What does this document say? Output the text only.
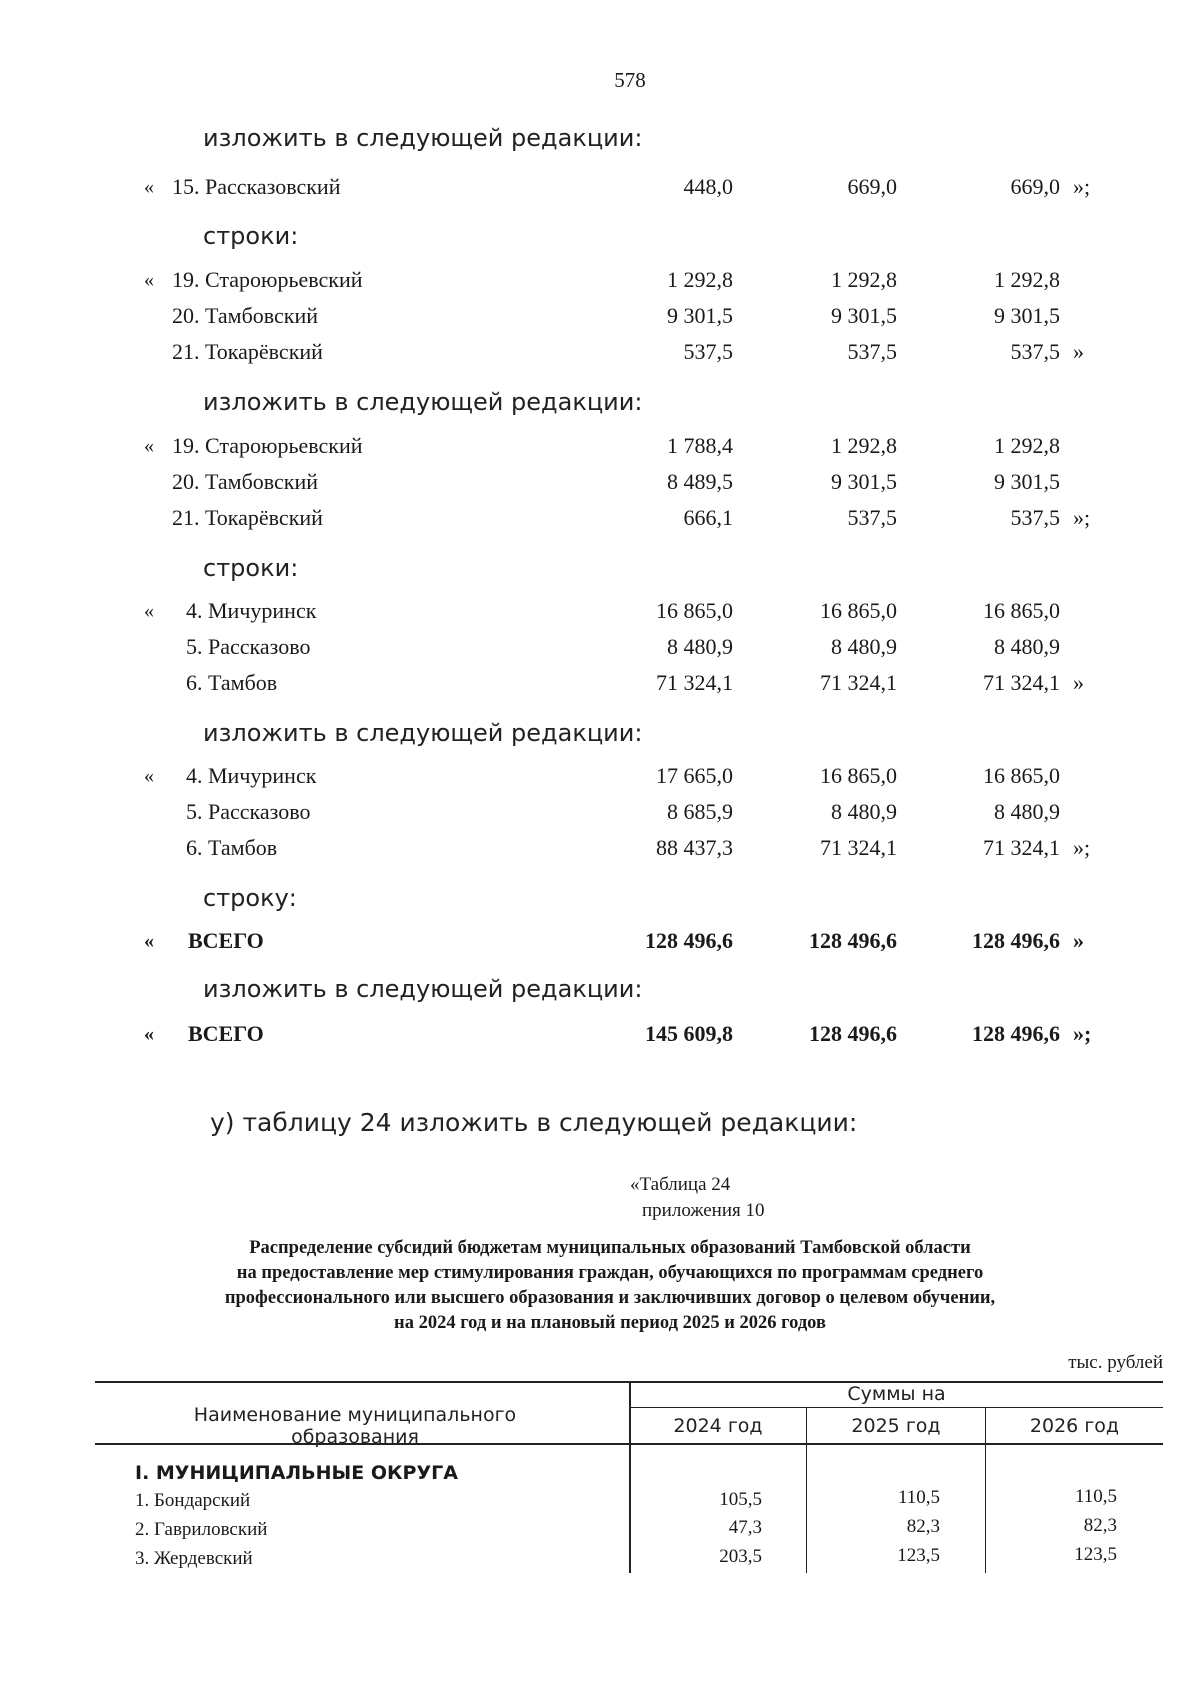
578
изложить в следующей редакции:
« 15. Рассказовский	448,0	669,0	669,0 »;
строки:
« 19. Староюрьевский	1 292,8	1 292,8	1 292,8
20. Тамбовский	9 301,5	9 301,5	9 301,5
21. Токарёвский	537,5	537,5	537,5 »
изложить в следующей редакции:
« 19. Староюрьевский	1 788,4	1 292,8	1 292,8
20. Тамбовский	8 489,5	9 301,5	9 301,5
21. Токарёвский	666,1	537,5	537,5 »;
строки:
« 4. Мичуринск	16 865,0	16 865,0	16 865,0
5. Рассказово	8 480,9	8 480,9	8 480,9
6. Тамбов	71 324,1	71 324,1	71 324,1 »
изложить в следующей редакции:
« 4. Мичуринск	17 665,0	16 865,0	16 865,0
5. Рассказово	8 685,9	8 480,9	8 480,9
6. Тамбов	88 437,3	71 324,1	71 324,1 »;
строку:
« ВСЕГО	128 496,6	128 496,6	128 496,6 »
изложить в следующей редакции:
« ВСЕГО	145 609,8	128 496,6	128 496,6 »;
у) таблицу 24 изложить в следующей редакции:
«Таблица 24
приложения 10
Распределение субсидий бюджетам муниципальных образований Тамбовской области
на предоставление мер стимулирования граждан, обучающихся по программам среднего
профессионального или высшего образования и заключивших договор о целевом обучении,
на 2024 год и на плановый период 2025 и 2026 годов
тыс. рублей
Наименование муниципального образования
Суммы на
2024 год	2025 год	2026 год
I. МУНИЦИПАЛЬНЫЕ ОКРУГА
1. Бондарский	105,5	110,5	110,5
2. Гавриловский	47,3	82,3	82,3
3. Жердевский	203,5	123,5	123,5
